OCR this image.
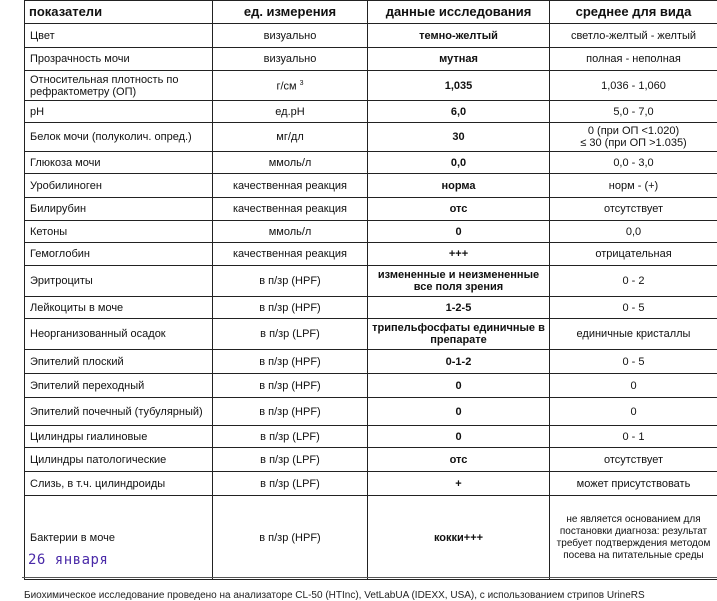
показатели	ед. измерения	данные исследования	среднее для вида
Цвет	визуально	темно-желтый	светло-желтый - желтый
Прозрачность мочи	визуально	мутная	полная - неполная
Относительная плотность по рефрактометру (ОП)	г/см $^3$	1,035	1,036 - 1,060
pH	ед.pH	6,0	5,0 - 7,0
Белок мочи (полуколич. опред.)	мг/дл	30	0 (при ОП <1.020)
≤ 30 (при ОП >1.035)
Глюкоза мочи	ммоль/л	0,0	0,0 - 3,0
Уробилиноген	качественная реакция	норма	норм - (+)
Билирубин	качественная реакция	отс	отсутствует
Кетоны	ммоль/л	0	0,0
Гемоглобин	качественная реакция	+++	отрицательная
Эритроциты	в п/зр (HPF)	измененные и неизмененные все поля зрения	0 - 2
Лейкоциты в моче	в п/зр (HPF)	1-2-5	0 - 5
Неорганизованный осадок	в п/зр (LPF)	трипельфосфаты единичные в препарате	единичные кристаллы
Эпителий плоский	в п/зр (HPF)	0-1-2	0 - 5
Эпителий переходный	в п/зр (HPF)	0	0
Эпителий почечный (тубулярный)	в п/зр (HPF)	0	0
Цилиндры гиалиновые	в п/зр (LPF)	0	0 - 1
Цилиндры патологические	в п/зр (LPF)	отс	отсутствует
Слизь, в т.ч. цилиндроиды	в п/зр (LPF)	+	может присутствовать
Бактерии в моче	в п/зр (HPF)	кокки+++	не является основанием для постановки диагноза: результат требует подтверждения методом посева на питательные среды
26 января
Биохимическое исследование проведено на анализаторе CL-50 (HTInc), VetLabUA (IDEXX, USA), с использованием стрипов UrineRS
